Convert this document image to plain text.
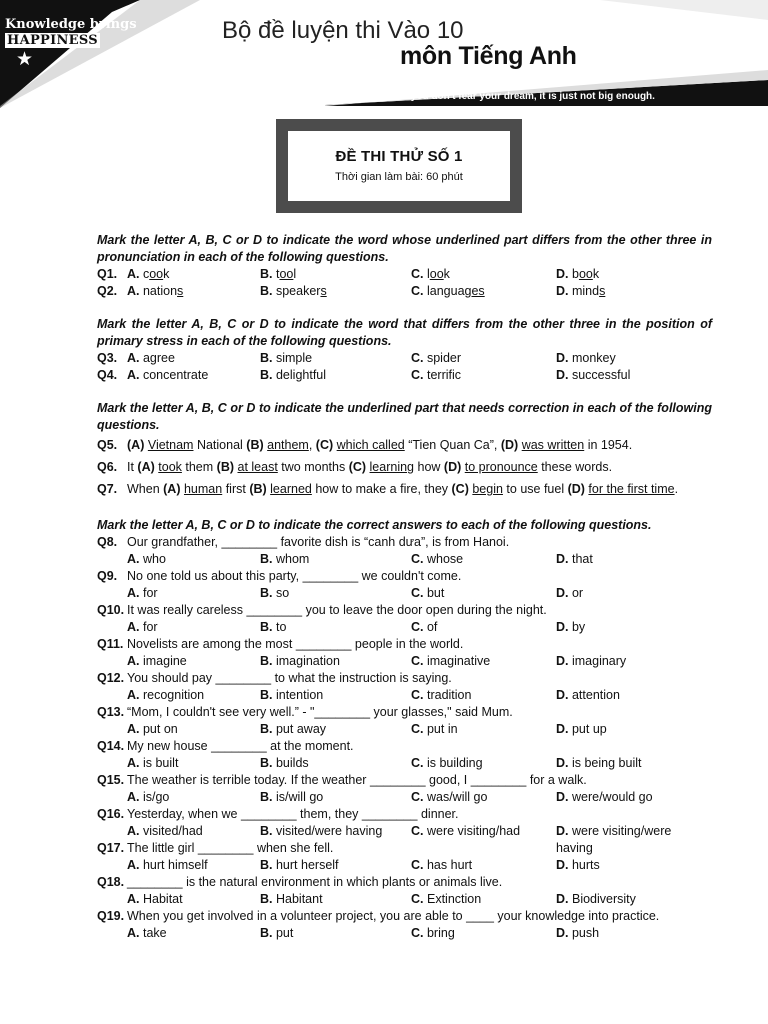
Knowledge brings
HAPPINESS
★
Bộ đề luyện thi Vào 10
môn Tiếng Anh
If you don't fear your dream, it is just not big enough.
ĐỀ THI THỬ SỐ 1
Thời gian làm bài: 60 phút
Mark the letter A, B, C or D to indicate the word whose underlined part differs from the other three in pronunciation in each of the following questions.
Q1. A. cook	B. tool	C. look	D. book
Q2. A. nations	B. speakers	C. languages	D. minds
Mark the letter A, B, C or D to indicate the word that differs from the other three in the position of primary stress in each of the following questions.
Q3. A. agree	B. simple	C. spider	D. monkey
Q4. A. concentrate	B. delightful	C. terrific	D. successful
Mark the letter A, B, C or D to indicate the underlined part that needs correction in each of the following questions.
Q5. (A) Vietnam National (B) anthem, (C) which called “Tien Quan Ca”, (D) was written in 1954.
Q6. It (A) took them (B) at least two months (C) learning how (D) to pronounce these words.
Q7. When (A) human first (B) learned how to make a fire, they (C) begin to use fuel (D) for the first time.
Mark the letter A, B, C or D to indicate the correct answers to each of the following questions.
Q8. Our grandfather, ________ favorite dish is “canh dưa”, is from Hanoi.
A. who	B. whom	C. whose	D. that
Q9. No one told us about this party, ________ we couldn't come.
A. for	B. so	C. but	D. or
Q10. It was really careless ________ you to leave the door open during the night.
A. for	B. to	C. of	D. by
Q11. Novelists are among the most ________ people in the world.
A. imagine	B. imagination	C. imaginative	D. imaginary
Q12. You should pay ________ to what the instruction is saying.
A. recognition	B. intention	C. tradition	D. attention
Q13. “Mom, I couldn't see very well.” - "________ your glasses," said Mum.
A. put on	B. put away	C. put in	D. put up
Q14. My new house ________ at the moment.
A. is built	B. builds	C. is building	D. is being built
Q15. The weather is terrible today. If the weather ________ good, I ________ for a walk.
A. is/go	B. is/will go	C. was/will go	D. were/would go
Q16. Yesterday, when we ________ them, they ________ dinner.
A. visited/had	B. visited/were having	C. were visiting/had	D. were visiting/were having
Q17. The little girl ________ when she fell.
A. hurt himself	B. hurt herself	C. has hurt	D. hurts
Q18. ________ is the natural environment in which plants or animals live.
A. Habitat	B. Habitant	C. Extinction	D. Biodiversity
Q19. When you get involved in a volunteer project, you are able to ____ your knowledge into practice.
A. take	B. put	C. bring	D. push
